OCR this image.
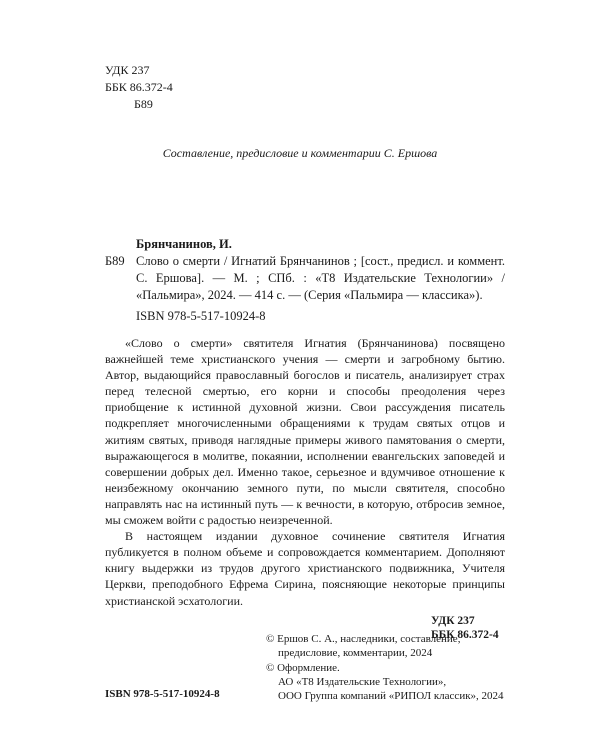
УДК 237
ББК 86.372-4
Б89
Составление, предисловие и комментарии С. Ершова
Брянчанинов, И.
Б89 Слово о смерти / Игнатий Брянчанинов ; [сост., предисл. и коммент. С. Ершова]. — М. ; СПб. : «Т8 Издательские Технологии» / «Пальмира», 2024. — 414 с. — (Серия «Пальмира — классика»).
ISBN 978-5-517-10924-8

«Слово о смерти» святителя Игнатия (Брянчанинова) посвящено важнейшей теме христианского учения — смерти и загробному бытию. Автор, выдающийся православный богослов и писатель, анализирует страх перед телесной смертью, его корни и способы преодоления через приобщение к истинной духовной жизни. Свои рассуждения писатель подкрепляет многочисленными обращениями к трудам святых отцов и житиям святых, приводя наглядные примеры живого памятования о смерти, выражающегося в молитве, покаянии, исполнении евангельских заповедей и совершении добрых дел. Именно такое, серьезное и вдумчивое отношение к неизбежному окончанию земного пути, по мысли святителя, способно направлять нас на истинный путь — к вечности, в которую, отбросив земное, мы сможем войти с радостью неизреченной.

В настоящем издании духовное сочинение святителя Игнатия публикуется в полном объеме и сопровождается комментарием. Дополняют книгу выдержки из трудов другого христианского подвижника, Учителя Церкви, преподобного Ефрема Сирина, поясняющие некоторые принципы христианской эсхатологии.

УДК 237
ББК 86.372-4
© Ершов С. А., наследники, составление,
предисловие, комментарии, 2024
© Оформление.
АО «Т8 Издательские Технологии»,
ООО Группа компаний «РИПОЛ классик», 2024
ISBN 978-5-517-10924-8
